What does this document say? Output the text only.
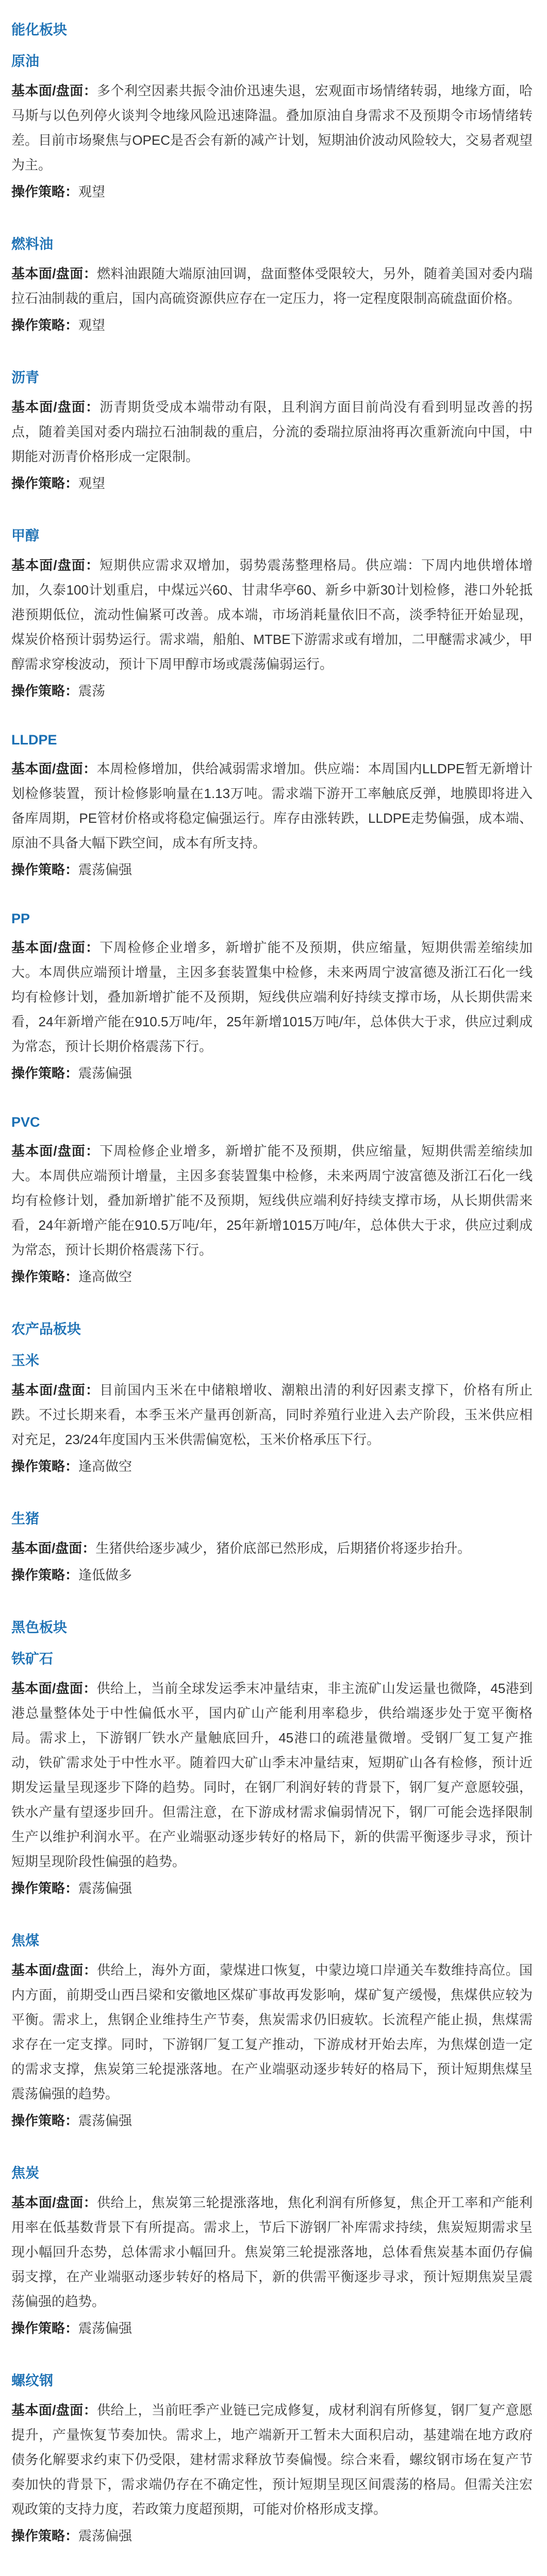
能化板块
原油

基本面/盘面：多个利空因素共振令油价迅速失退，宏观面市场情绪转弱，地缘方面，哈马斯与以色列停火谈判令地缘风险迅速降温。叠加原油自身需求不及预期令市场情绪转差。目前市场聚焦与OPEC是否会有新的减产计划，短期油价波动风险较大，交易者观望为主。

操作策略：观望
燃料油

基本面/盘面：燃料油跟随大端原油回调，盘面整体受限较大，另外，随着美国对委内瑞拉石油制裁的重启，国内高硫资源供应存在一定压力，将一定程度限制高硫盘面价格。

操作策略：观望
沥青

基本面/盘面：沥青期货受成本端带动有限，且利润方面目前尚没有看到明显改善的拐点，随着美国对委内瑞拉石油制裁的重启，分流的委瑞拉原油将再次重新流向中国，中期能对沥青价格形成一定限制。

操作策略：观望
甲醇

基本面/盘面：短期供应需求双增加，弱势震荡整理格局。供应端：下周内地供增体增加，久泰100计划重启，中煤远兴60、甘肃华亭60、新乡中新30计划检修，港口外轮抵港预期低位，流动性偏紧可改善。成本端，市场消耗量依旧不高，淡季特征开始显现，煤炭价格预计弱势运行。需求端，船舶、MTBE下游需求或有增加，二甲醚需求减少，甲醇需求穿梭波动，预计下周甲醇市场或震荡偏弱运行。

操作策略：震荡
LLDPE

基本面/盘面：本周检修增加，供给减弱需求增加。供应端：本周国内LLDPE暂无新增计划检修装置，预计检修影响量在1.13万吨。需求端下游开工率触底反弹，地膜即将进入备库周期，PE管材价格或将稳定偏强运行。库存由涨转跌，LLDPE走势偏强，成本端、原油不具备大幅下跌空间，成本有所支持。

操作策略：震荡偏强
PP

基本面/盘面：下周检修企业增多，新增扩能不及预期，供应缩量，短期供需差缩续加大。本周供应端预计增量，主因多套装置集中检修，未来两周宁波富德及浙江石化一线均有检修计划，叠加新增扩能不及预期，短线供应端利好持续支撑市场，从长期供需来看，24年新增产能在910.5万吨/年，25年新增1015万吨/年，总体供大于求，供应过剩成为常态，预计长期价格震荡下行。

操作策略：震荡偏强
PVC

基本面/盘面：下周检修企业增多，新增扩能不及预期，供应缩量，短期供需差缩续加大。本周供应端预计增量，主因多套装置集中检修，未来两周宁波富德及浙江石化一线均有检修计划，叠加新增扩能不及预期，短线供应端利好持续支撑市场，从长期供需来看，24年新增产能在910.5万吨/年，25年新增1015万吨/年，总体供大于求，供应过剩成为常态，预计长期价格震荡下行。

操作策略：逢高做空
农产品板块
玉米

基本面/盘面：目前国内玉米在中储粮增收、潮粮出清的利好因素支撑下，价格有所止跌。不过长期来看，本季玉米产量再创新高，同时养殖行业进入去产阶段，玉米供应相对充足，23/24年度国内玉米供需偏宽松，玉米价格承压下行。

操作策略：逢高做空
生猪

基本面/盘面：生猪供给逐步减少，猪价底部已然形成，后期猪价将逐步抬升。

操作策略：逢低做多
黑色板块
铁矿石

基本面/盘面：供给上，当前全球发运季末冲量结束，非主流矿山发运量也微降，45港到港总量整体处于中性偏低水平，国内矿山产能利用率稳步，供给端逐步处于宽平衡格局。需求上，下游钢厂铁水产量触底回升，45港口的疏港量微增。受钢厂复工复产推动，铁矿需求处于中性水平。随着四大矿山季末冲量结束，短期矿山各有检修，预计近期发运量呈现逐步下降的趋势。同时，在钢厂利润好转的背景下，钢厂复产意愿较强，铁水产量有望逐步回升。但需注意，在下游成材需求偏弱情况下，钢厂可能会选择限制生产以维护利润水平。在产业端驱动逐步转好的格局下，新的供需平衡逐步寻求，预计短期呈现阶段性偏强的趋势。

操作策略：震荡偏强
焦煤

基本面/盘面：供给上，海外方面，蒙煤进口恢复，中蒙边境口岸通关车数维持高位。国内方面，前期受山西吕梁和安徽地区煤矿事故再发影响，煤矿复产缓慢，焦煤供应较为平衡。需求上，焦钢企业维持生产节奏，焦炭需求仍旧疲软。长流程产能止损，焦煤需求存在一定支撑。同时，下游钢厂复工复产推动，下游成材开始去库，为焦煤创造一定的需求支撑，焦炭第三轮提涨落地。在产业端驱动逐步转好的格局下，预计短期焦煤呈震荡偏强的趋势。

操作策略：震荡偏强
焦炭

基本面/盘面：供给上，焦炭第三轮提涨落地，焦化利润有所修复，焦企开工率和产能利用率在低基数背景下有所提高。需求上，节后下游钢厂补库需求持续，焦炭短期需求呈现小幅回升态势，总体需求小幅回升。焦炭第三轮提涨落地，总体看焦炭基本面仍存偏弱支撑，在产业端驱动逐步转好的格局下，新的供需平衡逐步寻求，预计短期焦炭呈震荡偏强的趋势。

操作策略：震荡偏强
螺纹钢

基本面/盘面：供给上，当前旺季产业链已完成修复，成材利润有所修复，钢厂复产意愿提升，产量恢复节奏加快。需求上，地产端新开工暂未大面积启动，基建端在地方政府债务化解要求约束下仍受限，建材需求释放节奏偏慢。综合来看，螺纹钢市场在复产节奏加快的背景下，需求端仍存在不确定性，预计短期呈现区间震荡的格局。但需关注宏观政策的支持力度，若政策力度超预期，可能对价格形成支撑。

操作策略：震荡偏强
